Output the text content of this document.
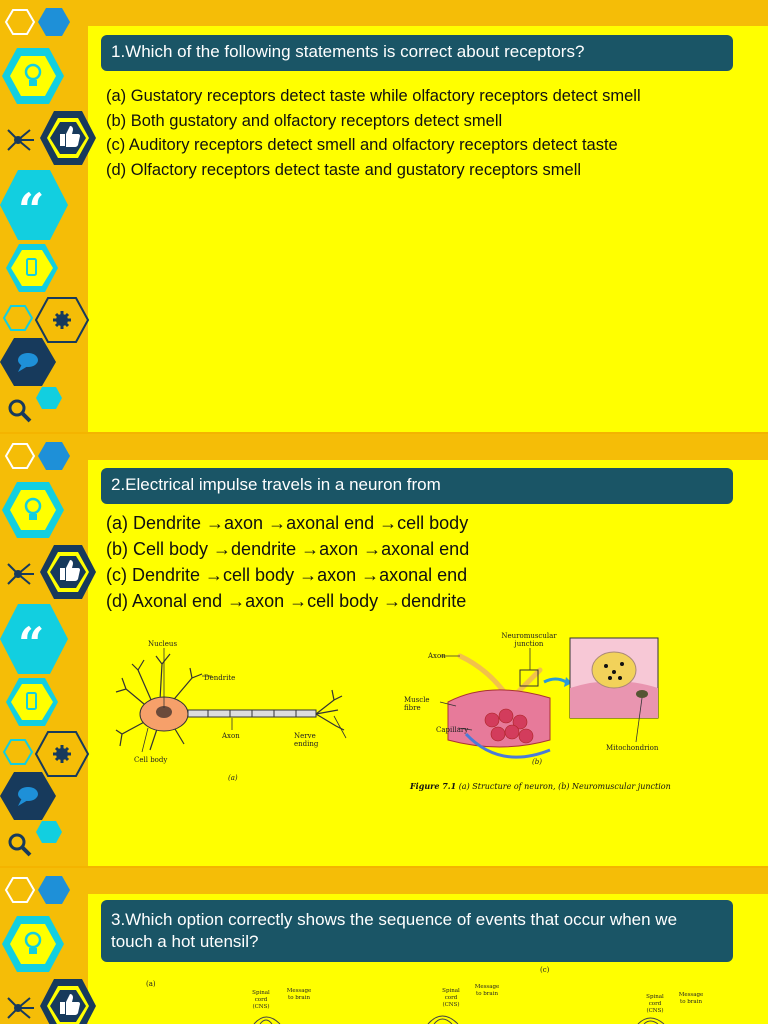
“
1.Which of the following statements is correct about receptors?
(a) Gustatory receptors detect taste while olfactory receptors detect smell
(b) Both gustatory and olfactory receptors detect smell
(c) Auditory receptors detect smell and olfactory receptors detect taste
(d) Olfactory receptors detect taste and gustatory receptors smell
“
2.Electrical impulse travels in a neuron from
(a) Dendrite →axon →axonal end →cell body
(b) Cell body →dendrite →axon →axonal end
(c) Dendrite →cell body →axon →axonal end
(d) Axonal end →axon →cell body →dendrite
Nucleus
Dendrite
Axon	Nerve ending
Cell body
(a)
Neuromuscular junction
Axon
Muscle fibre
Capillary
Mitochondrion
(b)
Figure 7.1 (a) Structure of neuron, (b) Neuromuscular junction
3.Which option correctly shows the sequence of events that occur when we touch a hot utensil?
(a)
(c)
Spinal cord (CNS)
Message to brain
Spinal cord (CNS)
Message to brain	Spinal cord (CNS)
Message to brain
